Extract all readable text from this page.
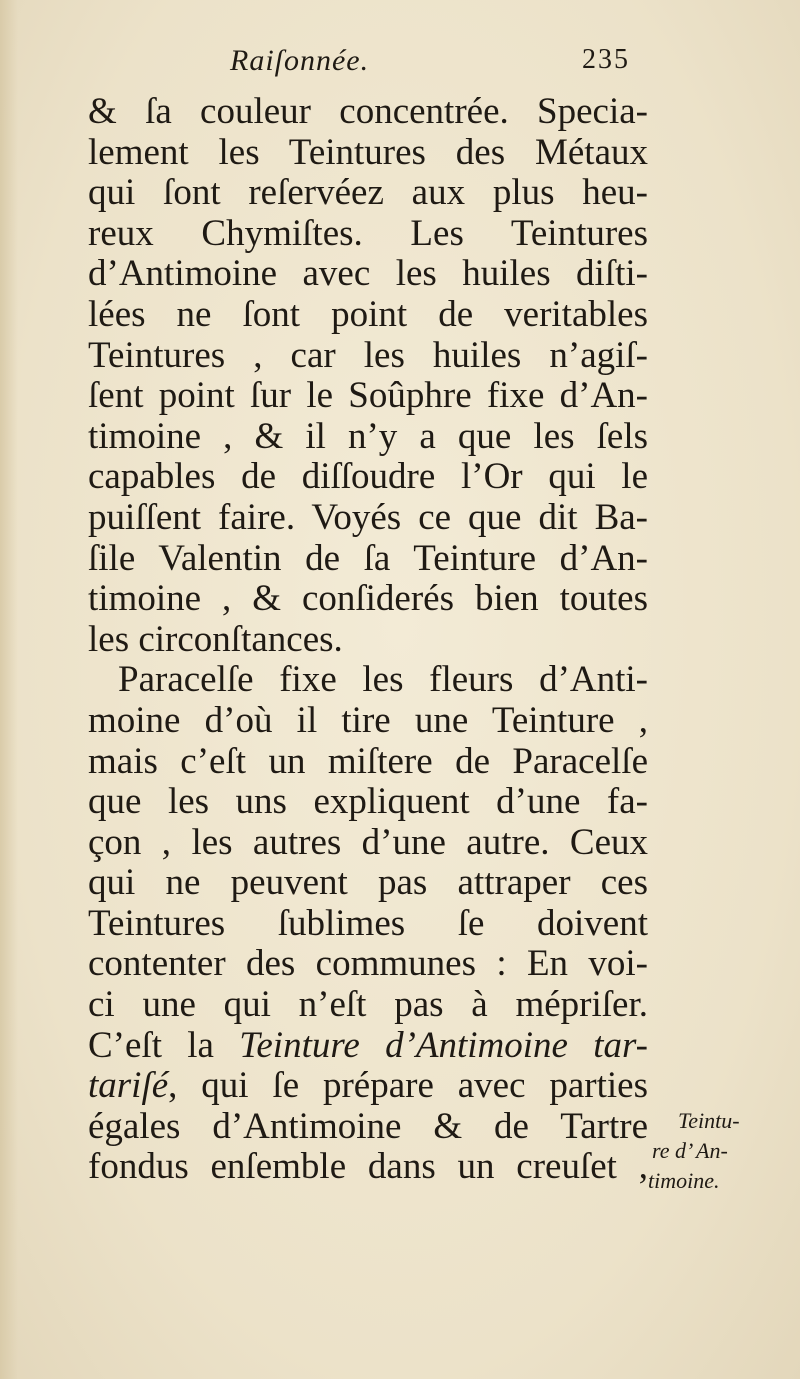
Raiſonnée.	235
& ſa couleur concentrée. Specia-
lement les Teintures des Métaux
qui ſont reſervéez aux plus heu-
reux Chymiſtes. Les Teintures
d’Antimoine avec les huiles diſti-
lées ne ſont point de veritables
Teintures , car les huiles n’agiſ-
ſent point ſur le Soûphre fixe d’An-
timoine , & il n’y a que les ſels
capables de diſſoudre l’Or qui le
puiſſent faire. Voyés ce que dit Ba-
ſile Valentin de ſa Teinture d’An-
timoine , & conſiderés bien toutes
les circonſtances.
Paracelſe fixe les fleurs d’Anti-
moine d’où il tire une Teinture ,
mais c’eſt un miſtere de Paracelſe
que les uns expliquent d’une fa-
çon , les autres d’une autre. Ceux
qui ne peuvent pas attraper ces
Teintures ſublimes ſe doivent
contenter des communes : En voi-
ci une qui n’eſt pas à mépriſer.
C’eſt la Teinture d’Antimoine tar-
tariſé, qui ſe prépare avec parties
égales d’Antimoine & de Tartre
fondus enſemble dans un creuſet ,
Teintu-
re d’ An-
timoine.
